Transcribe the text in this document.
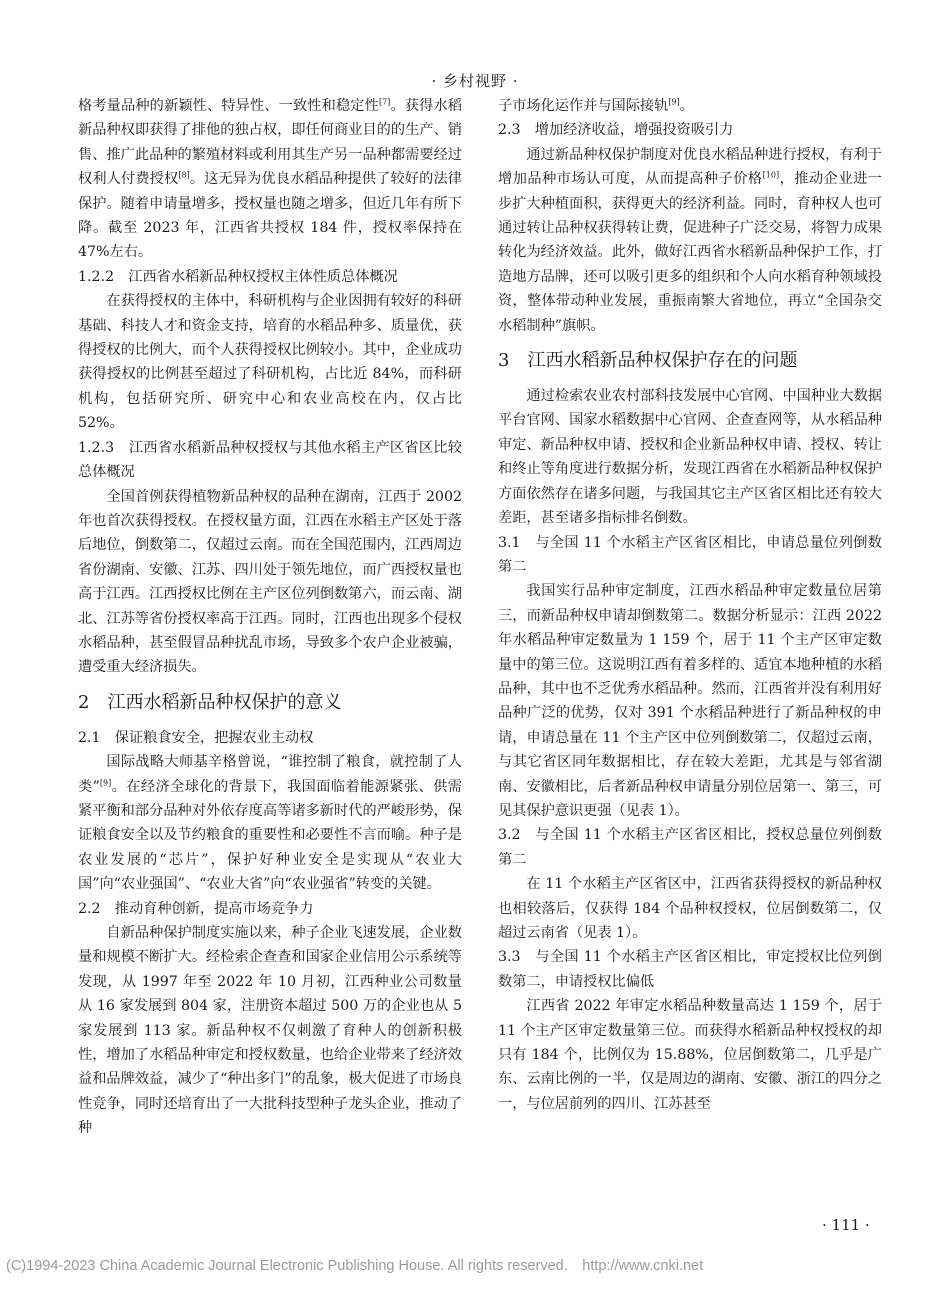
· 乡村视野 ·

格考量品种的新颖性、特异性、一致性和稳定性[7]。获得水稻新品种权即获得了排他的独占权，即任何商业目的的生产、销售、推广此品种的繁殖材料或利用其生产另一品种都需要经过权利人付费授权[8]。这无异为优良水稻品种提供了较好的法律保护。随着申请量增多，授权量也随之增多，但近几年有所下降。截至 2023 年，江西省共授权 184 件，授权率保持在 47%左右。

1.2.2　江西省水稻新品种权授权主体性质总体概况

在获得授权的主体中，科研机构与企业因拥有较好的科研基础、科技人才和资金支持，培育的水稻品种多、质量优，获得授权的比例大，而个人获得授权比例较小。其中，企业成功获得授权的比例甚至超过了科研机构，占比近 84%，而科研机构，包括研究所、研究中心和农业高校在内，仅占比 52%。

1.2.3　江西省水稻新品种权授权与其他水稻主产区省区比较总体概况

全国首例获得植物新品种权的品种在湖南，江西于 2002 年也首次获得授权。在授权量方面，江西在水稻主产区处于落后地位，倒数第二，仅超过云南。而在全国范围内，江西周边省份湖南、安徽、江苏、四川处于领先地位，而广西授权量也高于江西。江西授权比例在主产区位列倒数第六，而云南、湖北、江苏等省份授权率高于江西。同时，江西也出现多个侵权水稻品种，甚至假冒品种扰乱市场，导致多个农户企业被骗，遭受重大经济损失。

2　江西水稻新品种权保护的意义

2.1　保证粮食安全，把握农业主动权

国际战略大师基辛格曾说，“谁控制了粮食，就控制了人类”[9]。在经济全球化的背景下，我国面临着能源紧张、供需紧平衡和部分品种对外依存度高等诸多新时代的严峻形势，保证粮食安全以及节约粮食的重要性和必要性不言而喻。种子是农业发展的“芯片”，保护好种业安全是实现从“农业大国”向“农业强国”、“农业大省”向“农业强省”转变的关键。

2.2　推动育种创新，提高市场竞争力

自新品种保护制度实施以来，种子企业飞速发展，企业数量和规模不断扩大。经检索企查查和国家企业信用公示系统等发现，从 1997 年至 2022 年 10 月初，江西种业公司数量从 16 家发展到 804 家，注册资本超过 500 万的企业也从 5 家发展到 113 家。新品种权不仅刺激了育种人的创新积极性，增加了水稻品种审定和授权数量，也给企业带来了经济效益和品牌效益，减少了“种出多门”的乱象，极大促进了市场良性竞争，同时还培育出了一大批科技型种子龙头企业，推动了种

子市场化运作并与国际接轨[9]。

2.3　增加经济收益，增强投资吸引力

通过新品种权保护制度对优良水稻品种进行授权，有利于增加品种市场认可度，从而提高种子价格[10]，推动企业进一步扩大种植面积，获得更大的经济利益。同时，育种权人也可通过转让品种权获得转让费，促进种子广泛交易，将智力成果转化为经济效益。此外，做好江西省水稻新品种保护工作，打造地方品牌，还可以吸引更多的组织和个人向水稻育种领域投资，整体带动种业发展，重振南繁大省地位，再立“全国杂交水稻制种”旗帜。

3　江西水稻新品种权保护存在的问题

通过检索农业农村部科技发展中心官网、中国种业大数据平台官网、国家水稻数据中心官网、企查查网等，从水稻品种审定、新品种权申请、授权和企业新品种权申请、授权、转让和终止等角度进行数据分析，发现江西省在水稻新品种权保护方面依然存在诸多问题，与我国其它主产区省区相比还有较大差距，甚至诸多指标排名倒数。

3.1　与全国 11 个水稻主产区省区相比，申请总量位列倒数第二

我国实行品种审定制度，江西水稻品种审定数量位居第三，而新品种权申请却倒数第二。数据分析显示：江西 2022 年水稻品种审定数量为 1 159 个，居于 11 个主产区审定数量中的第三位。这说明江西有着多样的、适宜本地种植的水稻品种，其中也不乏优秀水稻品种。然而，江西省并没有利用好品种广泛的优势，仅对 391 个水稻品种进行了新品种权的申请，申请总量在 11 个主产区中位列倒数第二，仅超过云南，与其它省区同年数据相比，存在较大差距，尤其是与邻省湖南、安徽相比，后者新品种权申请量分别位居第一、第三，可见其保护意识更强（见表 1）。

3.2　与全国 11 个水稻主产区省区相比，授权总量位列倒数第二

在 11 个水稻主产区省区中，江西省获得授权的新品种权也相较落后，仅获得 184 个品种权授权，位居倒数第二，仅超过云南省（见表 1）。

3.3　与全国 11 个水稻主产区省区相比，审定授权比位列倒数第二，申请授权比偏低

江西省 2022 年审定水稻品种数量高达 1 159 个，居于 11 个主产区审定数量第三位。而获得水稻新品种权授权的却只有 184 个，比例仅为 15.88%，位居倒数第二，几乎是广东、云南比例的一半，仅是周边的湖南、安徽、浙江的四分之一，与位居前列的四川、江苏甚至

· 111 ·
(C)1994-2023 China Academic Journal Electronic Publishing House. All rights reserved.　http://www.cnki.net
